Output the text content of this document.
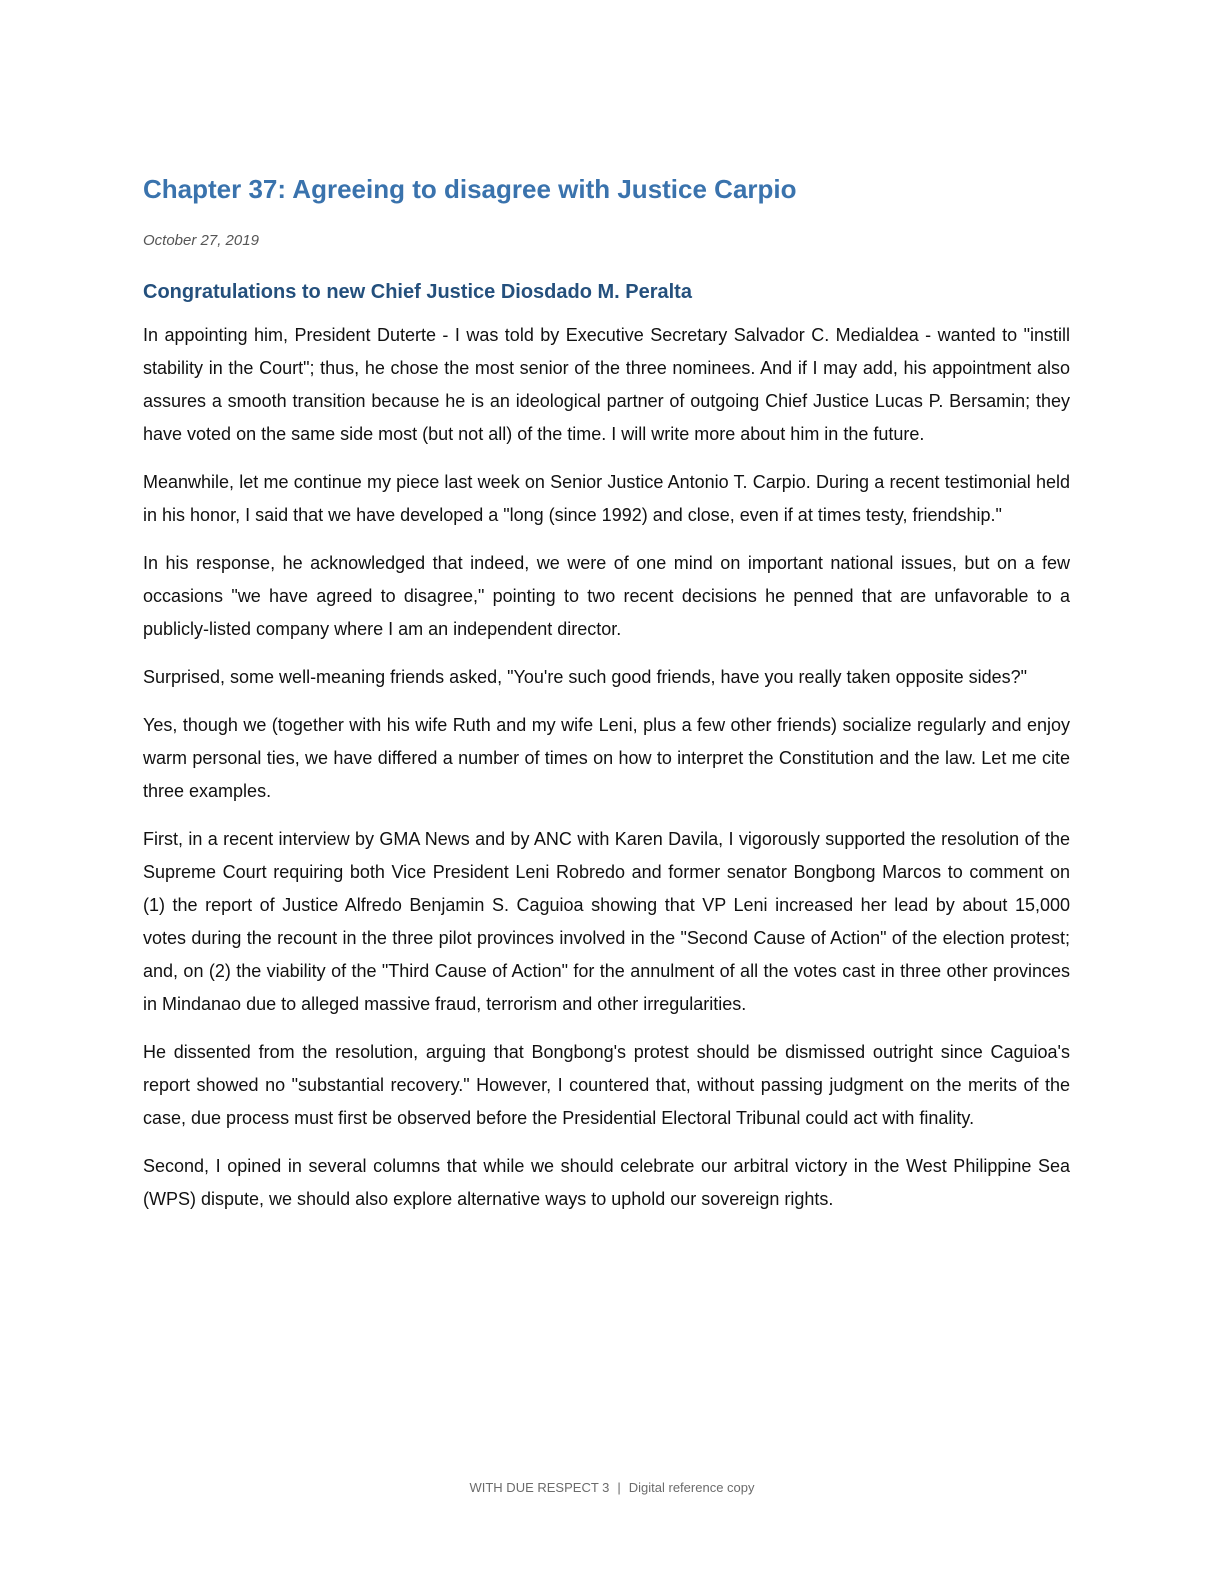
Chapter 37: Agreeing to disagree with Justice Carpio
October 27, 2019
Congratulations to new Chief Justice Diosdado M. Peralta

In appointing him, President Duterte - I was told by Executive Secretary Salvador C. Medialdea - wanted to "instill stability in the Court"; thus, he chose the most senior of the three nominees. And if I may add, his appointment also assures a smooth transition because he is an ideological partner of outgoing Chief Justice Lucas P. Bersamin; they have voted on the same side most (but not all) of the time. I will write more about him in the future.

Meanwhile, let me continue my piece last week on Senior Justice Antonio T. Carpio. During a recent testimonial held in his honor, I said that we have developed a "long (since 1992) and close, even if at times testy, friendship."

In his response, he acknowledged that indeed, we were of one mind on important national issues, but on a few occasions "we have agreed to disagree," pointing to two recent decisions he penned that are unfavorable to a publicly-listed company where I am an independent director.

Surprised, some well-meaning friends asked, "You're such good friends, have you really taken opposite sides?"

Yes, though we (together with his wife Ruth and my wife Leni, plus a few other friends) socialize regularly and enjoy warm personal ties, we have differed a number of times on how to interpret the Constitution and the law. Let me cite three examples.

First, in a recent interview by GMA News and by ANC with Karen Davila, I vigorously supported the resolution of the Supreme Court requiring both Vice President Leni Robredo and former senator Bongbong Marcos to comment on (1) the report of Justice Alfredo Benjamin S. Caguioa showing that VP Leni increased her lead by about 15,000 votes during the recount in the three pilot provinces involved in the "Second Cause of Action" of the election protest; and, on (2) the viability of the "Third Cause of Action" for the annulment of all the votes cast in three other provinces in Mindanao due to alleged massive fraud, terrorism and other irregularities.

He dissented from the resolution, arguing that Bongbong's protest should be dismissed outright since Caguioa's report showed no "substantial recovery." However, I countered that, without passing judgment on the merits of the case, due process must first be observed before the Presidential Electoral Tribunal could act with finality.

Second, I opined in several columns that while we should celebrate our arbitral victory in the West Philippine Sea (WPS) dispute, we should also explore alternative ways to uphold our sovereign rights.

WITH DUE RESPECT 3 | Digital reference copy
